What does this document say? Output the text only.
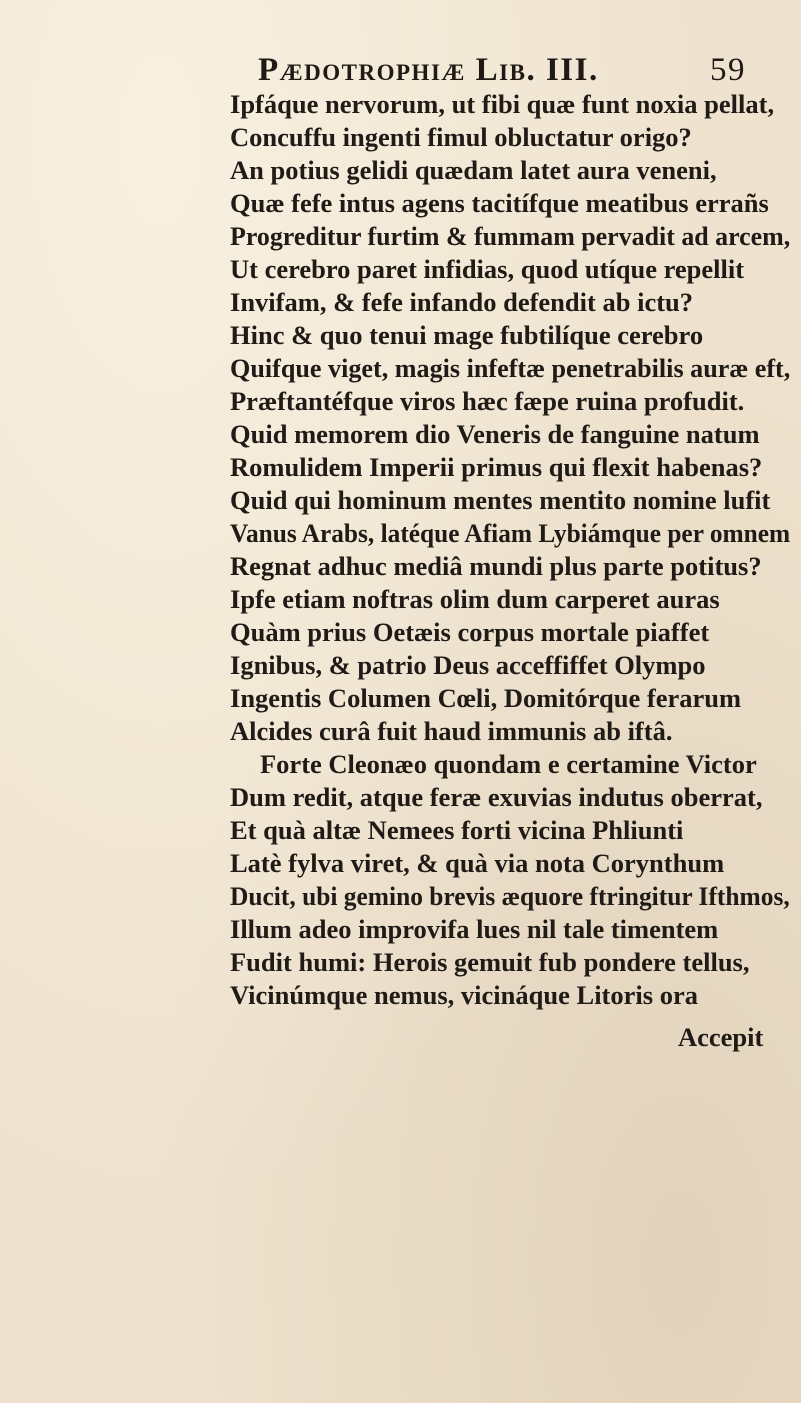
Pædotrophiæ Lib. III.	59
Ipfáque nervorum, ut fibi quæ funt noxia pellat,
Concuffu ingenti fimul obluctatur origo?
An potius gelidi quædam latet aura veneni,
Quæ fefe intus agens tacitífque meatibus errañs
Progreditur furtim & fummam pervadit ad arcem,
Ut cerebro paret infidias, quod utíque repellit
Invifam, & fefe infando defendit ab ictu?
Hinc & quo tenui mage fubtilíque cerebro
Quifque viget, magis infeftæ penetrabilis auræ eft,
Præftantéfque viros hæc fæpe ruina profudit.
Quid memorem dio Veneris de fanguine natum
Romulidem Imperii primus qui flexit habenas?
Quid qui hominum mentes mentito nomine lufit
Vanus Arabs, latéque Afiam Lybiámque per omnem
Regnat adhuc mediâ mundi plus parte potitus?
Ipfe etiam noftras olim dum carperet auras
Quàm prius Oetæis corpus mortale piaffet
Ignibus, & patrio Deus acceffiffet Olympo
Ingentis Columen Cœli, Domitórque ferarum
Alcides curâ fuit haud immunis ab iftâ.
Forte Cleonæo quondam e certamine Victor
Dum redit, atque feræ exuvias indutus oberrat,
Et quà altæ Nemees forti vicina Phliunti
Latè fylva viret, & quà via nota Corynthum
Ducit, ubi gemino brevis æquore ftringitur Ifthmos,
Illum adeo improvifa lues nil tale timentem
Fudit humi: Herois gemuit fub pondere tellus,
Vicinúmque nemus, vicináque Litoris ora
Accepit
